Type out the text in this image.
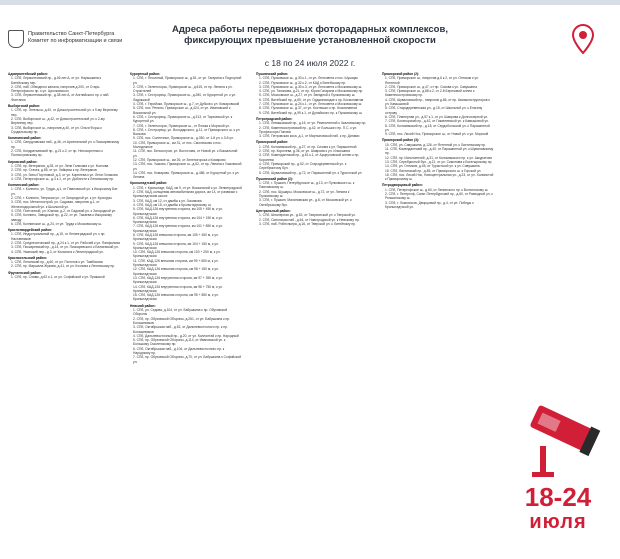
Правительство Санкт-Петербурга
Комитет по информатизации и связи
Адреса работы передвижных фоторадарных комплексов, фиксирующих превышение установленной скорости
с 18 по 24 июля 2022 г.
Адмиралтейский район:
1. СПб, Лермонтовский пр., д.46 лит.А, от ул. Нарышкина к Батейскому пер.
2. СПб, наб. Обводного канала, напротив д.200, от Старо-Петергофского пр. к ул. Циолковского
3. СПб, Лермонтовский пр., д.38 лит.А, от Английского пр. к наб. Фонтанки
Выборгский район:
1. СПб, пр. Энгельса, д.40, от Домостроительной ул. к 9-му Верхнему пер.
2. СПб, Выборгское ш., д.42, от Домостроительной ул. к 2-му Верхнему пер.
3. СПб, Выборгское ш., напротив д.40, от ул. Ольги Форш к Суздальскому пр.
Калининский район:
1. СПб, Свердловская наб., д.46, от Арсенальной ул. к Пискаревскому пр.
2. СПб, Кондратьевский пр., д.21 к.2, от пр. Непокоренных к Полюстровскому пр.
Кировский район:
1. СПб, пр. Ветеранов, д.28, от ул. Лени Голикова к ул. Козлова
2. СПб, пр. Стачек, д.85, от ул. Зайцева к пр. Ветеранов
3. СПб, ул. Зины Портновой, д.3, от ул. Корнеева к ул. Лени Голикова
4. СПб, Петергофское ш., д.3 к.1, от ул. Доблести к Ленинскому пр.
Колпинский район:
1. СПб, г. Колпино, ул. Труда, д.1, от Павловской ул. к Ижорскому Бат. ул.
2. СПб, г. Колпино, Тверская ул., от Загородной ул. к ул. Культуры
3. СПб, пос. Металлострой, ул. Садовая, напротив д.1, от Железнодорожной ул. к Школьной ул.
4. СПб, Понтонный, ул. Южная, д.2, от Садовой ул. к Загородной ул.
5. СПб, Колпино, Заводской пр., д.22, от ул. Тазаева к Ижорскому заводу
6. СПб, Колпинское ш., д.24, от ул. Труда к Московскому ш.
Красногвардейский район:
1. СПб, Индустриальный пр., д.15, от Ленинградской ул. к пр. Наставников
2. СПб, Среднеохтинский пр., д.24 к.1, от ул. Рабочей к ул. Панфилова
3. СПб, Пискаревский пр., д.14, от ул. Пискаревского к Беляевской ул.
4. СПб, Уманский пер., д.3, от Косыгина к Ленинградской ул.
Красносельский район:
1. СПб, Ленинский пр., д.60, от ул. Пилотов к ул. Тамбасова
2. СПб, пр. Маршала Жукова, д.41, от ул. Козлова к Ленинскому пр.
Фрунзенский район:
1. СПб, пр. Славы, д.62 к.1, от ул. Софийской к ул. Пражской
Курортный район:
1. СПб, г. Песочный, Приморское ш., д.81, от ул. Гагарина к Подгорной ул.
2. СПб, г. Зеленогорск, Приморское ш., д.515, от пр. Ленина к ул. Строителей
3. СПб, г. Сестрорецк, Приморское ш., д.280, от Курортной ул. к ул. Ладожской
4. СПб, г. Терийоки, Приморское ш., д.7, от Дубков к ул. Комаровской
5. СПб, пос. Репино, Приморское ш., д.424, от ул. Ивановской к Вокзальной ул.
6. СПб, г. Сестрорецк, Приморское ш., д.313, от Тарховской ул. к Курортной ул.
7. СПб, г. Зеленогорск, Приморское ш., от Пляжа к Морской ул.
8. СПб, г. Сестрорецк, ул. Володарского, д.11, от Приморского ш. к ул. Воскова
9. СПб, пос. Солнечное, Приморское ш., д.350, от 1-й ул. к 3-й ул.
10. СПб, Приморское ш., км 31, от пос. Смолячково к пос. Молодежное
11. СПб, пос. Белоостров, ул. Восточная, от Новой ул. к Вокзальной ул.
12. СПб, Приморское ш., км 26, от Зеленогорска к Комарово
13. СПб, пос. Ушково, Приморское ш., д.62, от пр. Ленина к Ушковской ул.
14. СПб, пос. Комарово, Приморское ш., д.486, от Курортной ул. к ул. Ленина
Кронштадтский район:
1. СПб, г. Кронштадт, КАД, км 9, от ул. Вокзальной к ул. Ленинградской
2. СПб, КАД, кольцевая автомобильная дорога, км 14, от развязки с Кронштадтским шоссе
3. СПб, КАД, км 12, от дамбы к ул. Зосимова
4. СПб, КАД, км 15, от дамбы к Кронштадтскому ш.
5. СПб, КАД-126 внутренняя сторона, км 105 + 450 м, к ул. Кронштадтская
6. СПб, КАД-126 внутренняя сторона, км 104 + 150 м, к ул. Кронштадтская
7. СПб, КАД-126 внутренняя сторона, км 101 + 850 м, к ул. Кронштадтская
8. СПб, КАД-126 внешняя сторона, км 105 + 450 м, к ул. Кронштадтская
9. СПб, КАД-126 внешняя сторона, км 104 + 150 м, к ул. Кронштадтская
10. СПб, КАД-126 внешняя сторона, км 100 + 250 м, к ул. Кронштадтская
11. СПб, КАД-126 внешняя сторона, км 99 + 650 м, к ул. Кронштадтская
12. СПб, КАД-126 внешняя сторона, км 98 + 150 м, к ул. Кронштадтская
13. СПб, КАД-126 внутренняя сторона, км 97 + 350 м, к ул. Кронштадтская
14. СПб, КАД-126 внутренняя сторона, км 96 + 750 м, к ул. Кронштадтская
15. СПб, КАД-126 внешняя сторона, км 95 + 850 м, к ул. Кронштадтская
Невский район:
1. СПб, ул. Седова, д.104, от ул. Бабушкина к пр. Обуховской Обороны
2. СПб, пр. Обуховской Обороны, д.261, от ул. Бабушкина к пр. Большевиков
3. СПб, Октябрьская наб., д.52, от Дальневосточного пр. к пр. Большевиков
4. СПб, Дальневосточный пр., д.20, от ул. Коллонтай к пр. Народный
5. СПб, пр. Обуховской Обороны, д.114, от Ивановской ул. к Большому Смоленскому пр.
6. СПб, Октябрьская наб., д.104, от Дальневосточного пр. к Народному пр.
7. СПб, пр. Обуховской Обороны, д.70, от ул. Бабушкина к Софийской ул.
Пушкинский район:
1. СПб, Пулковское ш., д.30 к.1, от ул. Ленсовета к пос. Шушары
2. СПб, Пулковское ш., д.32 к.2, от КАД к Витебскому пр.
3. СПб, Пулковское ш., д.30 к.3, от ул. Ленсовета к Московскому ш.
4. СПб, ул. Типанова, д.21, от пр. Юрия Гагарина к Московскому пр.
5. СПб, Московское ш., д.27, от ул. Звездной к Пулковскому ш.
6. СПб, Витебский пр., д.69, от ул. Орджоникидзе к пр. Космонавтов
7. СПб, Пулковское ш., д.24 к.1, от ул. Ленсовета к Московскому ш.
8. СПб, Пулковское ш., д.37, от ул. Костюшко к пр. Космонавтов
9. СПб, Витебский пр., д.99 к.1, от Дунайского пр. к Пулковскому ш.
Петроградский район:
1. СПб, Левашовский пр., д.16, от ул. Ремесленной к Чкаловскому пр.
2. СПб, Каменноостровский пр., д.42, от Большого пр. П.С. к ул. Профессора Попова
3. СПб, Петровская коса, д.1, от Мартыновской наб. к пр. Динамо
Приморский район:
1. СПб, Коломяжский пр., д.27, от пр. Сизова к ул. Парашютной
2. СПб, пр. Королева, д.36, от ул. Шаврова к ул. Ильюшина
3. СПб, Комендантский пр., д.51 к.1, от Арцеуловской аллеи к пр. Королева
4. СПб, Приморский пр., д.52, от Стародеревенской ул. к Серебристому бул.
5. СПб, Шуваловский пр., д.72, от Парашютной ул. к Туристской ул.
Пушкинский район (2):
1. СПб, г. Пушкин, Петербургское ш., д.13, от Пулковского ш. к Павловскому ш.
2. СПб, пос. Шушары, Московское ш., д.72, от ул. Ленина к Пулковскому ш.
3. СПб, г. Пушкин, Малиновская ул., д.8, от Московской ул. к Октябрьскому бул.
Центральный район:
1. СПб, Шпалерная ул., д.52, от Таврической ул. к Тверской ул.
2. СПб, Синопская наб., д.64, от Новгородской ул. к Невскому пр.
3. СПб, наб. Робеспьера, д.16, от Тверской ул. к Литейному пр.
Приморский район (2):
1. СПб, Приморское ш., напротив д.6 к.2, от ул. Оптиков к ул. Яхтенной
2. СПб, Приморское ш., д.47, от пр. Сизова к ул. Савушкина
3. СПб, Приморское ш., д.88 к.2, от 2-й Березовой аллеи к Каменноостровскому пр.
4. СПб, Шуваловский пр., напротив д.66, от пр. Авиаконструкторов к ул. Камышовой
5. СПб, Стародеревенская ул., д.15, от Школьной ул. к Елагину острову
6. СПб, Планерная ул., д.57 к.1, от ул. Шаврова к Долгоозерной ул.
7. СПб, Богатырский пр., д.42, от Гаккелевской ул. к Камышовой ул.
8. СПб, Коломяжский пр., д.18, от Сердобольской ул. к Парашютной ул.
9. СПб, пос. Лисий Нос, Приморское ш., от Новой ул. к ул. Морской
Приморский район (3):
10. СПб, ул. Савушкина, д.126, от Яхтенной ул. к Лахтинскому пр.
11. СПб, Комендантский пр., д.40, от Парашютной ул. к Шуваловскому пр.
12. СПб, пр. Испытателей, д.31, от Коломяжского пр. к ул. Аккуратова
13. СПб, Серебристый бул., д.21, от ул. Симонова к Богатырскому пр.
14. СПб, ул. Оптиков, д.45, от Туристской ул. к ул. Савушкина
15. СПб, Лахтинский пр., д.85, от Приморского ш. к Горской ул.
16. СПб, пос. Лисий Нос, Новоцентральная ул., д.23, от ул. Холмистой к Приморскому ш.
Петродворцовый район:
1. СПб, Петергофское ш., д.60, от Ленинского пр. к Волхонскому ш.
2. СПб, г. Петергоф, Санкт-Петербургский пр., д.60, от Разводной ул. к Ропшинскому ш.
3. СПб, г. Ломоносов, Дворцовый пр., д.4, от ул. Победы к Кронштадтской ул.
18-24
июля
